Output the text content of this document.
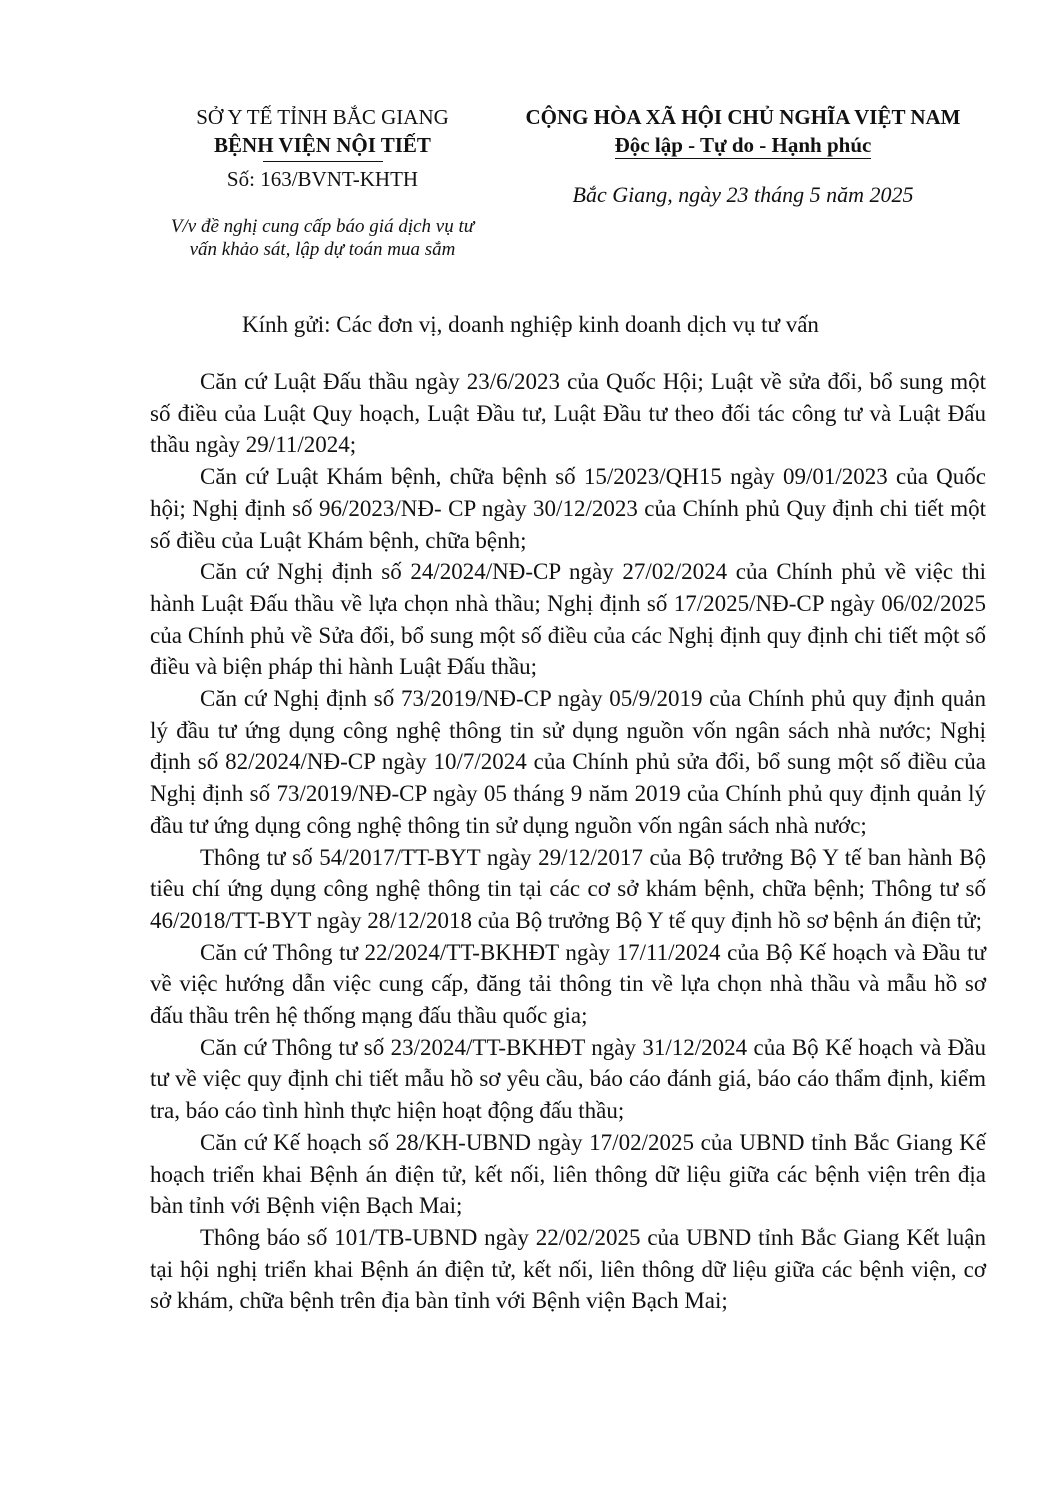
SỞ Y TẾ TỈNH BẮC GIANG
BỆNH VIỆN NỘI TIẾT
Số: 163/BVNT-KHTH
V/v đề nghị cung cấp báo giá dịch vụ tư vấn khảo sát, lập dự toán mua sắm
CỘNG HÒA XÃ HỘI CHỦ NGHĨA VIỆT NAM
Độc lập - Tự do - Hạnh phúc
Bắc Giang, ngày 23 tháng 5 năm 2025
Kính gửi: Các đơn vị, doanh nghiệp kinh doanh dịch vụ tư vấn

Căn cứ Luật Đấu thầu ngày 23/6/2023 của Quốc Hội; Luật về sửa đổi, bổ sung một số điều của Luật Quy hoạch, Luật Đầu tư, Luật Đầu tư theo đối tác công tư và Luật Đấu thầu ngày 29/11/2024;

Căn cứ Luật Khám bệnh, chữa bệnh số 15/2023/QH15 ngày 09/01/2023 của Quốc hội; Nghị định số 96/2023/NĐ- CP ngày 30/12/2023 của Chính phủ Quy định chi tiết một số điều của Luật Khám bệnh, chữa bệnh;

Căn cứ Nghị định số 24/2024/NĐ-CP ngày 27/02/2024 của Chính phủ về việc thi hành Luật Đấu thầu về lựa chọn nhà thầu; Nghị định số 17/2025/NĐ-CP ngày 06/02/2025 của Chính phủ về Sửa đổi, bổ sung một số điều của các Nghị định quy định chi tiết một số điều và biện pháp thi hành Luật Đấu thầu;

Căn cứ Nghị định số 73/2019/NĐ-CP ngày 05/9/2019 của Chính phủ quy định quản lý đầu tư ứng dụng công nghệ thông tin sử dụng nguồn vốn ngân sách nhà nước; Nghị định số 82/2024/NĐ-CP ngày 10/7/2024 của Chính phủ sửa đổi, bổ sung một số điều của Nghị định số 73/2019/NĐ-CP ngày 05 tháng 9 năm 2019 của Chính phủ quy định quản lý đầu tư ứng dụng công nghệ thông tin sử dụng nguồn vốn ngân sách nhà nước;

Thông tư số 54/2017/TT-BYT ngày 29/12/2017 của Bộ trưởng Bộ Y tế ban hành Bộ tiêu chí ứng dụng công nghệ thông tin tại các cơ sở khám bệnh, chữa bệnh; Thông tư số 46/2018/TT-BYT ngày 28/12/2018 của Bộ trưởng Bộ Y tế quy định hồ sơ bệnh án điện tử;

Căn cứ Thông tư 22/2024/TT-BKHĐT ngày 17/11/2024 của Bộ Kế hoạch và Đầu tư về việc hướng dẫn việc cung cấp, đăng tải thông tin về lựa chọn nhà thầu và mẫu hồ sơ đấu thầu trên hệ thống mạng đấu thầu quốc gia;

Căn cứ Thông tư số 23/2024/TT-BKHĐT ngày 31/12/2024 của Bộ Kế hoạch và Đầu tư về việc quy định chi tiết mẫu hồ sơ yêu cầu, báo cáo đánh giá, báo cáo thẩm định, kiểm tra, báo cáo tình hình thực hiện hoạt động đấu thầu;

Căn cứ Kế hoạch số 28/KH-UBND ngày 17/02/2025 của UBND tỉnh Bắc Giang Kế hoạch triển khai Bệnh án điện tử, kết nối, liên thông dữ liệu giữa các bệnh viện trên địa bàn tỉnh với Bệnh viện Bạch Mai;

Thông báo số 101/TB-UBND ngày 22/02/2025 của UBND tỉnh Bắc Giang Kết luận tại hội nghị triển khai Bệnh án điện tử, kết nối, liên thông dữ liệu giữa các bệnh viện, cơ sở khám, chữa bệnh trên địa bàn tỉnh với Bệnh viện Bạch Mai;
